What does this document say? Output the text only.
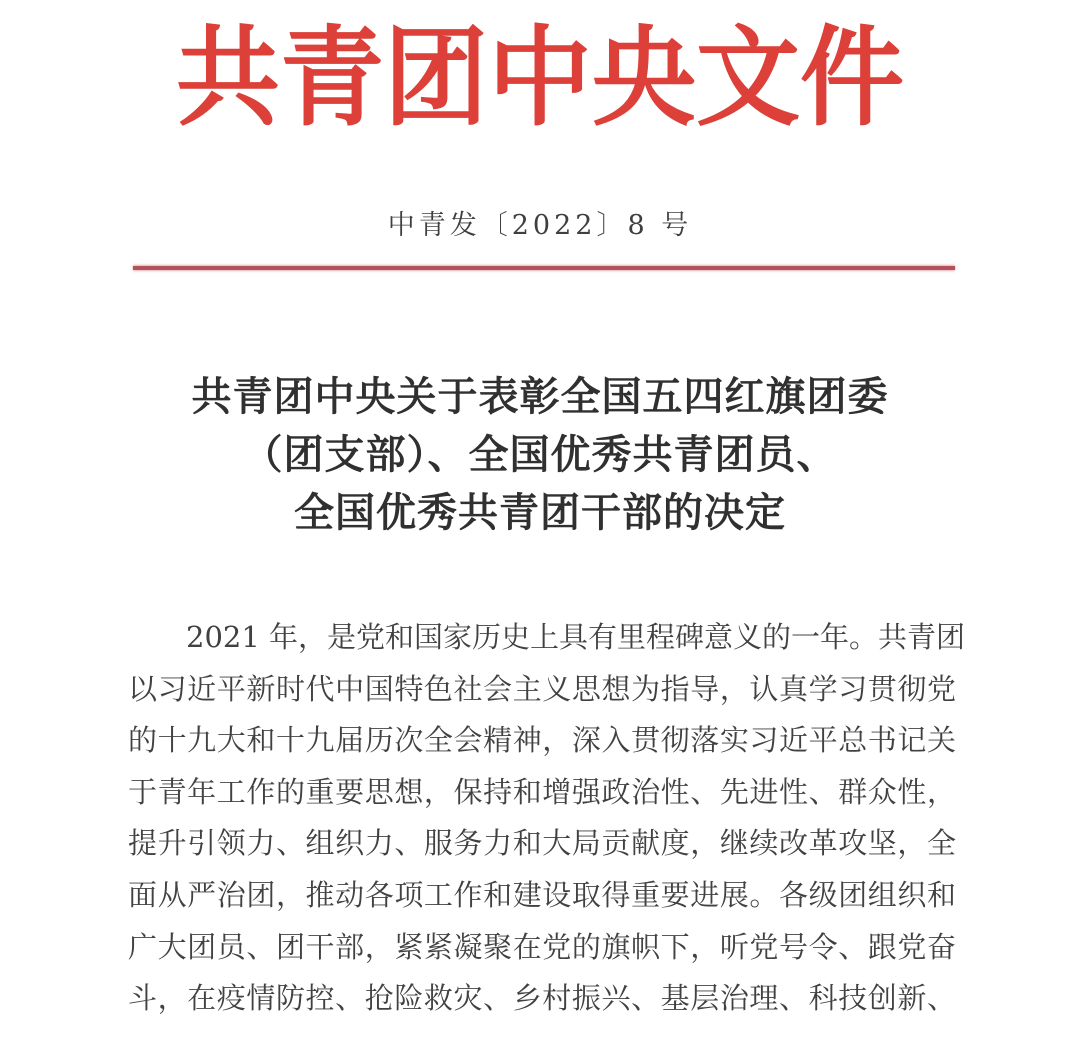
共青团中央文件
中青发〔2022〕8 号
共青团中央关于表彰全国五四红旗团委
（团支部）、全国优秀共青团员、
全国优秀共青团干部的决定
2021 年，是党和国家历史上具有里程碑意义的一年。共青团
以习近平新时代中国特色社会主义思想为指导，认真学习贯彻党
的十九大和十九届历次全会精神，深入贯彻落实习近平总书记关
于青年工作的重要思想，保持和增强政治性、先进性、群众性，
提升引领力、组织力、服务力和大局贡献度，继续改革攻坚，全
面从严治团，推动各项工作和建设取得重要进展。各级团组织和
广大团员、团干部，紧紧凝聚在党的旗帜下，听党号令、跟党奋
斗，在疫情防控、抢险救灾、乡村振兴、基层治理、科技创新、
